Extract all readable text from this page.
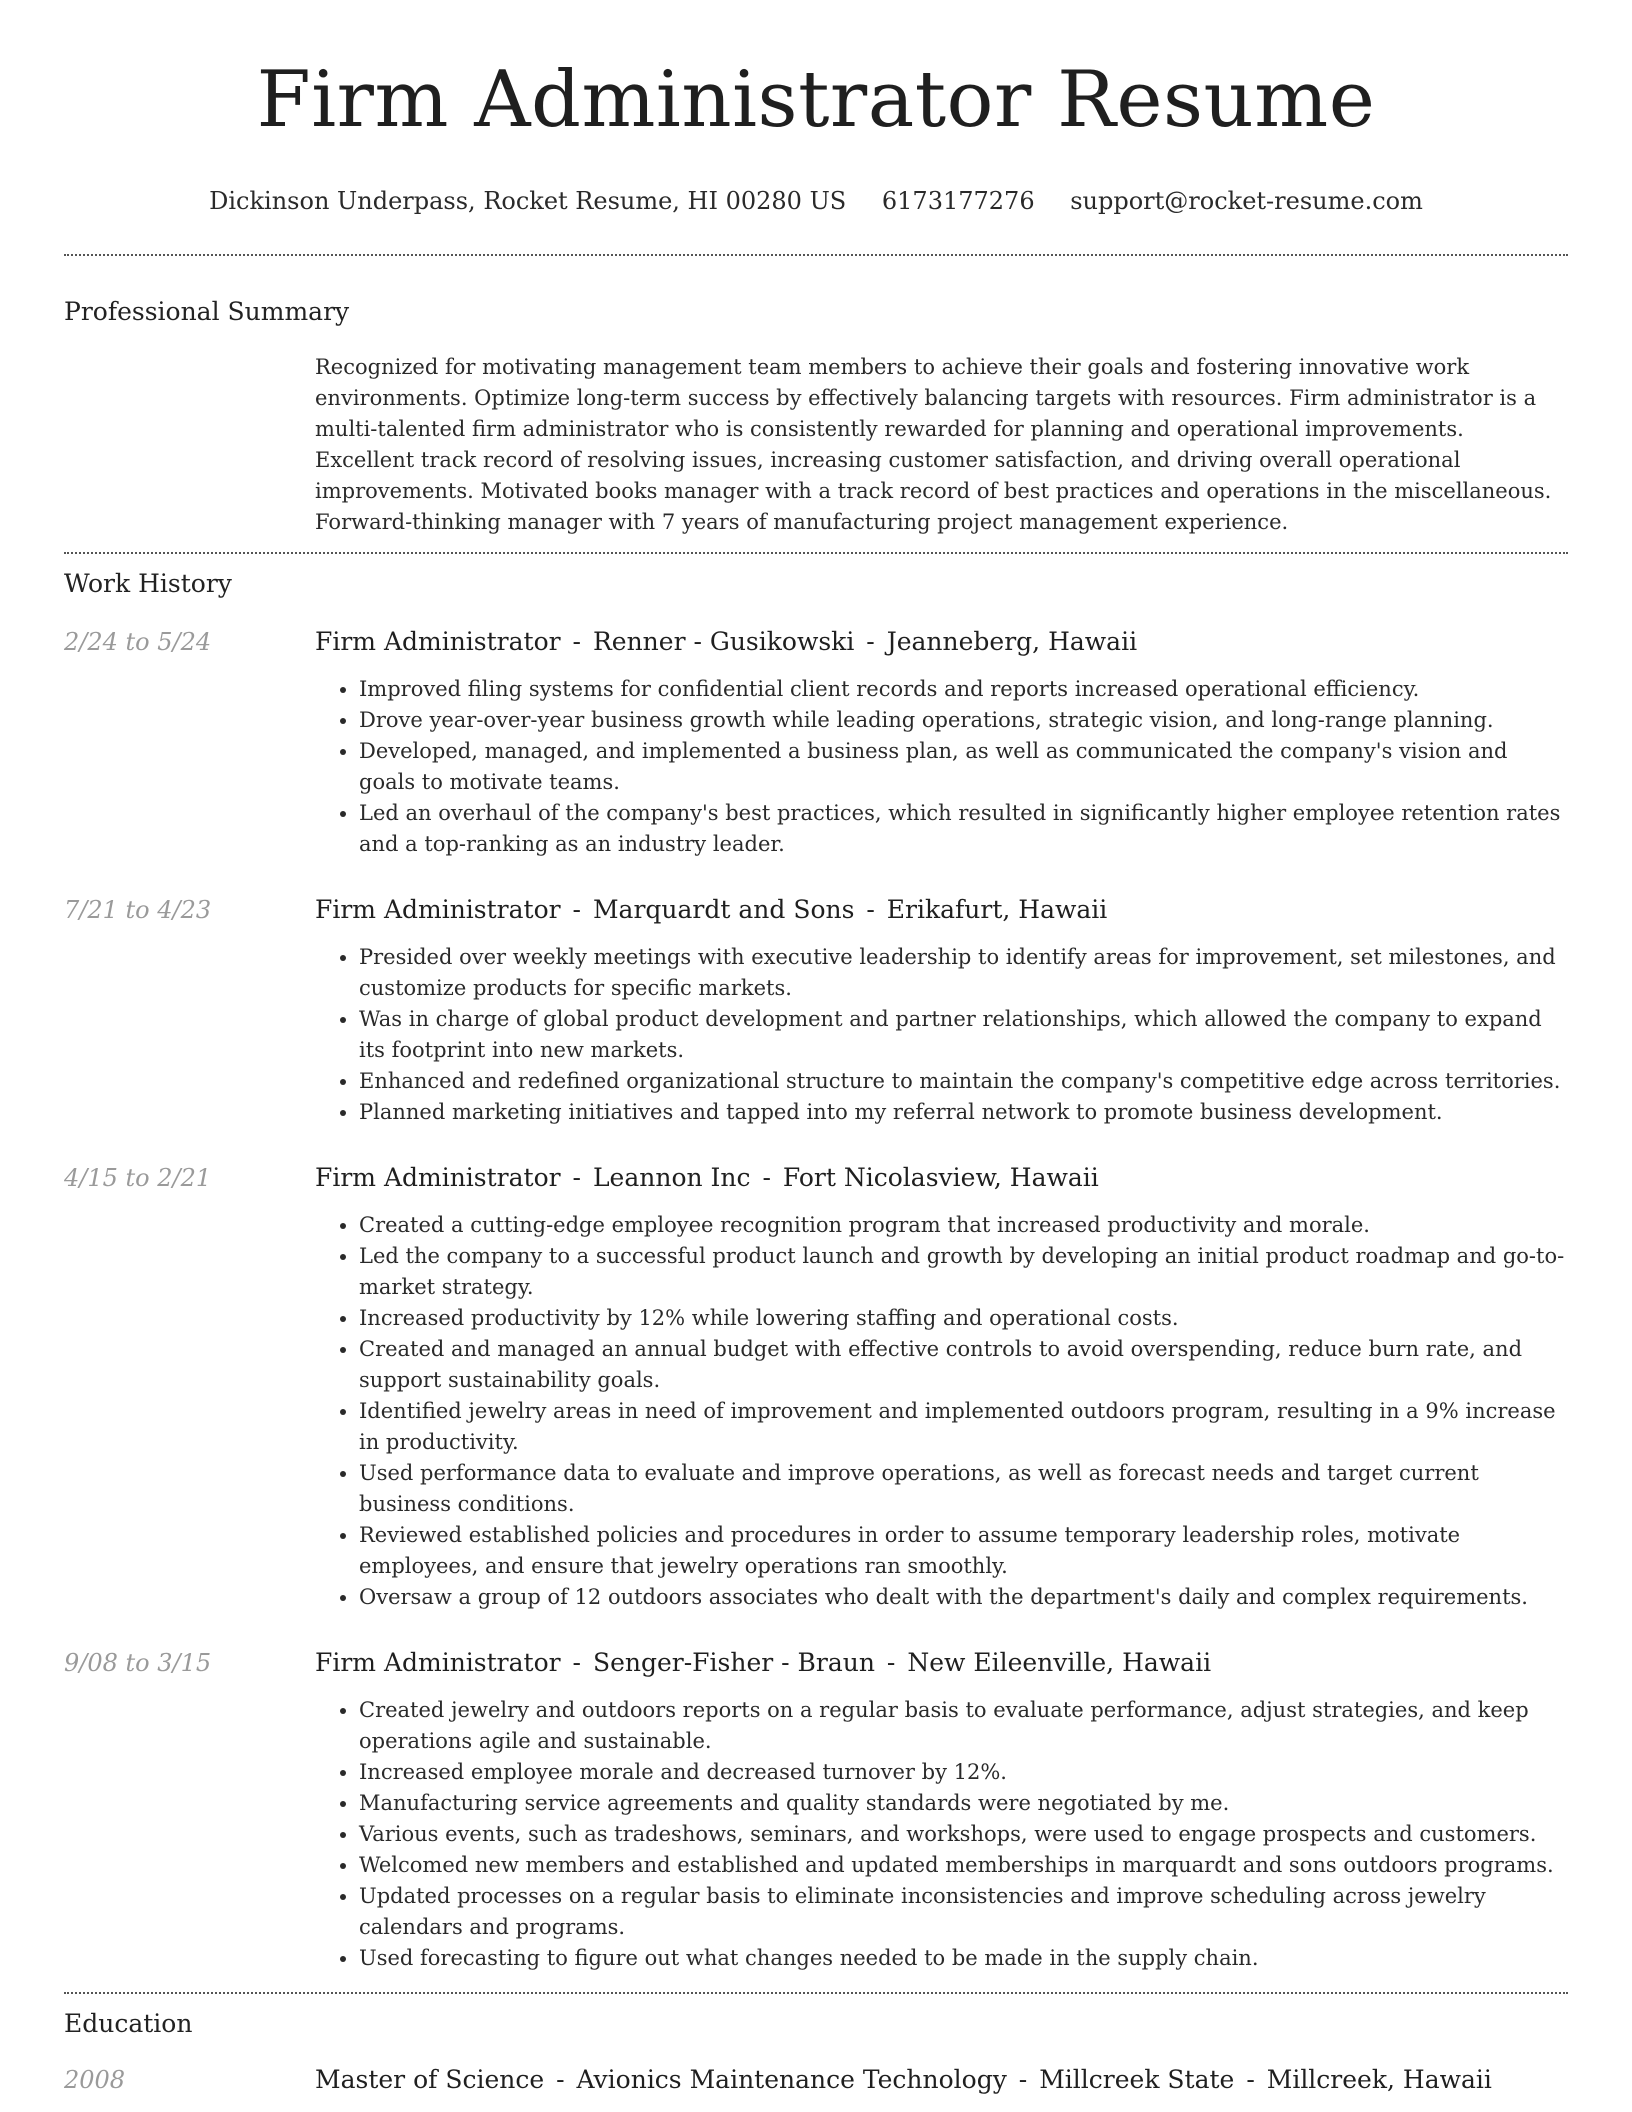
Firm Administrator Resume
Dickinson Underpass, Rocket Resume, HI 00280 US 6173177276 support@rocket-resume.com
Professional Summary

Recognized for motivating management team members to achieve their goals and fostering innovative work environments. Optimize long-term success by effectively balancing targets with resources. Firm administrator is a multi-talented firm administrator who is consistently rewarded for planning and operational improvements. Excellent track record of resolving issues, increasing customer satisfaction, and driving overall operational improvements. Motivated books manager with a track record of best practices and operations in the miscellaneous. Forward-thinking manager with 7 years of manufacturing project management experience.

Work History
2/24 to 5/24	Firm Administrator - Renner - Gusikowski - Jeanneberg, Hawaii
• Improved filing systems for confidential client records and reports increased operational efficiency.
• Drove year-over-year business growth while leading operations, strategic vision, and long-range planning.
• Developed, managed, and implemented a business plan, as well as communicated the company's vision and goals to motivate teams.
• Led an overhaul of the company's best practices, which resulted in significantly higher employee retention rates and a top-ranking as an industry leader.
7/21 to 4/23	Firm Administrator - Marquardt and Sons - Erikafurt, Hawaii
• Presided over weekly meetings with executive leadership to identify areas for improvement, set milestones, and customize products for specific markets.
• Was in charge of global product development and partner relationships, which allowed the company to expand its footprint into new markets.
• Enhanced and redefined organizational structure to maintain the company's competitive edge across territories.
• Planned marketing initiatives and tapped into my referral network to promote business development.
4/15 to 2/21	Firm Administrator - Leannon Inc - Fort Nicolasview, Hawaii
• Created a cutting-edge employee recognition program that increased productivity and morale.
• Led the company to a successful product launch and growth by developing an initial product roadmap and go-to-market strategy.
• Increased productivity by 12% while lowering staffing and operational costs.
• Created and managed an annual budget with effective controls to avoid overspending, reduce burn rate, and support sustainability goals.
• Identified jewelry areas in need of improvement and implemented outdoors program, resulting in a 9% increase in productivity.
• Used performance data to evaluate and improve operations, as well as forecast needs and target current business conditions.
• Reviewed established policies and procedures in order to assume temporary leadership roles, motivate employees, and ensure that jewelry operations ran smoothly.
• Oversaw a group of 12 outdoors associates who dealt with the department's daily and complex requirements.
9/08 to 3/15	Firm Administrator - Senger-Fisher - Braun - New Eileenville, Hawaii
• Created jewelry and outdoors reports on a regular basis to evaluate performance, adjust strategies, and keep operations agile and sustainable.
• Increased employee morale and decreased turnover by 12%.
• Manufacturing service agreements and quality standards were negotiated by me.
• Various events, such as tradeshows, seminars, and workshops, were used to engage prospects and customers.
• Welcomed new members and established and updated memberships in marquardt and sons outdoors programs.
• Updated processes on a regular basis to eliminate inconsistencies and improve scheduling across jewelry calendars and programs.
• Used forecasting to figure out what changes needed to be made in the supply chain.
Education
2008	Master of Science - Avionics Maintenance Technology - Millcreek State - Millcreek, Hawaii
